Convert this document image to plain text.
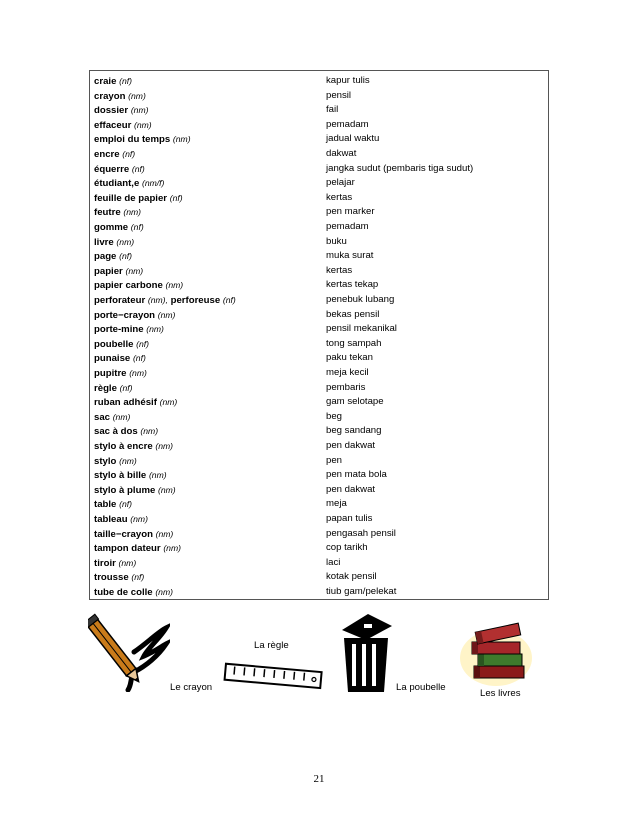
craie (nf)	kapur tulis
crayon (nm)	pensil
dossier (nm)	fail
effaceur (nm)	pemadam
emploi du temps (nm)	jadual waktu
encre (nf)	dakwat
équerre (nf)	jangka sudut (pembaris tiga sudut)
étudiant,e (nm/f)	pelajar
feuille de papier (nf)	kertas
feutre (nm)	pen marker
gomme (nf)	pemadam
livre (nm)	buku
page (nf)	muka surat
papier (nm)	kertas
papier carbone (nm)	kertas tekap
perforateur (nm), perforeuse (nf)	penebuk lubang
porte−crayon (nm)	bekas pensil
porte-mine (nm)	pensil mekanikal
poubelle (nf)	tong sampah
punaise (nf)	paku tekan
pupitre (nm)	meja kecil
règle (nf)	pembaris
ruban adhésif (nm)	gam selotape
sac (nm)	beg
sac à dos (nm)	beg sandang
stylo à encre (nm)	pen dakwat
stylo (nm)	pen
stylo à bille (nm)	pen mata bola
stylo à plume (nm)	pen dakwat
table (nf)	meja
tableau (nm)	papan tulis
taille−crayon (nm)	pengasah pensil
tampon dateur (nm)	cop tarikh
tiroir (nm)	laci
trousse (nf)	kotak pensil
tube de colle (nm)	tiub gam/pelekat
Le crayon
La règle
La poubelle
Les livres
21
